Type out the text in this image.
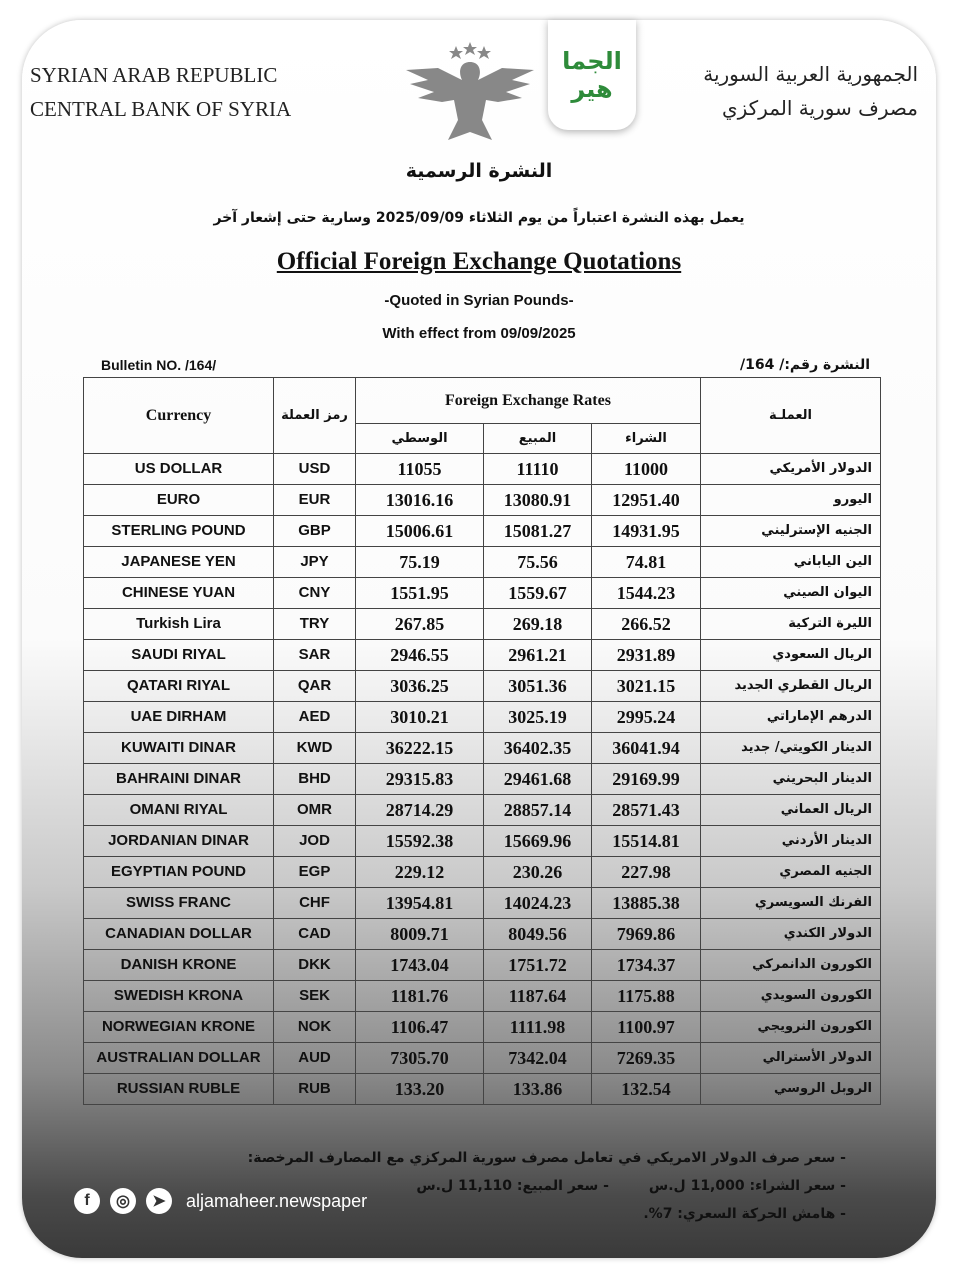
SYRIAN ARAB REPUBLIC
CENTRAL BANK OF SYRIA
الجمهورية العربية السورية
مصرف سورية المركزي
الجماهير
النشرة الرسمية
يعمل بهذه النشرة اعتباراً من يوم الثلاثاء 2025/09/09 وسارية حتى إشعار آخر
Official Foreign Exchange Quotations
-Quoted in Syrian Pounds-
With effect from 09/09/2025
Bulletin NO. /164/	النشرة رقم:/ 164/
Currency	رمز العملة	Foreign Exchange Rates			العملـة
		الوسطي	المبيع	الشراء	
US DOLLAR	USD	11055	11110	11000	الدولار الأمريكي
EURO	EUR	13016.16	13080.91	12951.40	اليورو
STERLING POUND	GBP	15006.61	15081.27	14931.95	الجنيه الإسترليني
JAPANESE YEN	JPY	75.19	75.56	74.81	الين الياباني
CHINESE YUAN	CNY	1551.95	1559.67	1544.23	اليوان الصيني
Turkish Lira	TRY	267.85	269.18	266.52	الليرة التركية
SAUDI RIYAL	SAR	2946.55	2961.21	2931.89	الريال السعودي
QATARI RIYAL	QAR	3036.25	3051.36	3021.15	الريال القطري الجديد
UAE DIRHAM	AED	3010.21	3025.19	2995.24	الدرهم الإماراتي
KUWAITI DINAR	KWD	36222.15	36402.35	36041.94	الدينار الكويتي/ جديد
BAHRAINI DINAR	BHD	29315.83	29461.68	29169.99	الدينار البحريني
OMANI RIYAL	OMR	28714.29	28857.14	28571.43	الريال العماني
JORDANIAN DINAR	JOD	15592.38	15669.96	15514.81	الدينار الأردني
EGYPTIAN POUND	EGP	229.12	230.26	227.98	الجنيه المصري
SWISS FRANC	CHF	13954.81	14024.23	13885.38	الفرنك السويسري
CANADIAN DOLLAR	CAD	8009.71	8049.56	7969.86	الدولار الكندي
DANISH KRONE	DKK	1743.04	1751.72	1734.37	الكورون الدانمركي
SWEDISH KRONA	SEK	1181.76	1187.64	1175.88	الكورون السويدي
NORWEGIAN KRONE	NOK	1106.47	1111.98	1100.97	الكورون النرويجي
AUSTRALIAN DOLLAR	AUD	7305.70	7342.04	7269.35	الدولار الأسترالي
RUSSIAN RUBLE	RUB	133.20	133.86	132.54	الروبل الروسي
- سعر صرف الدولار الامريكي في تعامل مصرف سورية المركزي مع المصارف المرخصة:
- سعر الشراء: 11,000 ل.س
- سعر المبيع: 11,110 ل.س
- هامش الحركة السعري: 7%.
f	◎	➤	aljamaheer.newspaper
